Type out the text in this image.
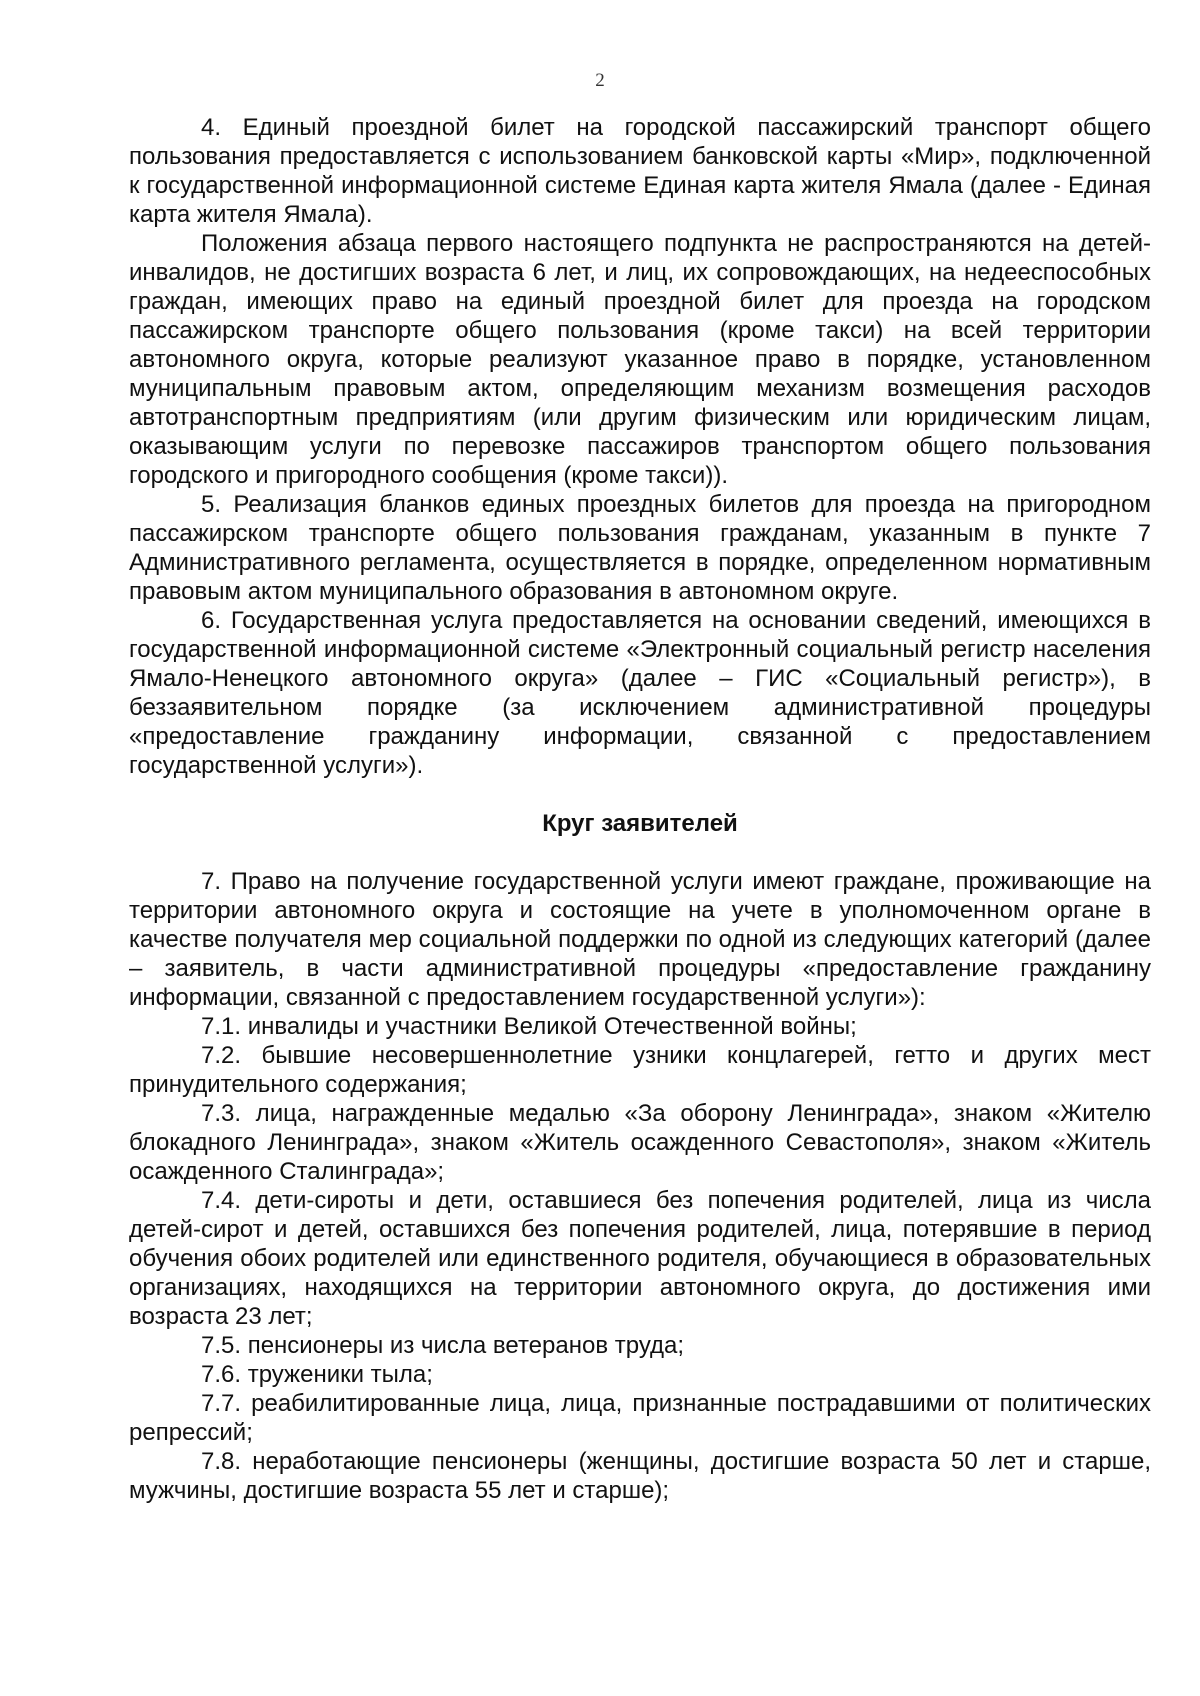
2

4. Единый проездной билет на городской пассажирский транспорт общего пользования предоставляется с использованием банковской карты «Мир», подключенной к государственной информационной системе Единая карта жителя Ямала (далее - Единая карта жителя Ямала).

Положения абзаца первого настоящего подпункта не распространяются на детей-инвалидов, не достигших возраста 6 лет, и лиц, их сопровождающих, на недееспособных граждан, имеющих право на единый проездной билет для проезда на городском пассажирском транспорте общего пользования (кроме такси) на всей территории автономного округа, которые реализуют указанное право в порядке, установленном муниципальным правовым актом, определяющим механизм возмещения расходов автотранспортным предприятиям (или другим физическим или юридическим лицам, оказывающим услуги по перевозке пассажиров транспортом общего пользования городского и пригородного сообщения (кроме такси)).

5. Реализация бланков единых проездных билетов для проезда на пригородном пассажирском транспорте общего пользования гражданам, указанным в пункте 7 Административного регламента, осуществляется в порядке, определенном нормативным правовым актом муниципального образования в автономном округе.

6. Государственная услуга предоставляется на основании сведений, имеющихся в государственной информационной системе «Электронный социальный регистр населения Ямало-Ненецкого автономного округа» (далее – ГИС «Социальный регистр»), в беззаявительном порядке (за исключением административной процедуры «предоставление гражданину информации, связанной с предоставлением государственной услуги»).

Круг заявителей

7. Право на получение государственной услуги имеют граждане, проживающие на территории автономного округа и состоящие на учете в уполномоченном органе в качестве получателя мер социальной поддержки по одной из следующих категорий (далее – заявитель, в части административной процедуры «предоставление гражданину информации, связанной с предоставлением государственной услуги»):

7.1. инвалиды и участники Великой Отечественной войны;

7.2. бывшие несовершеннолетние узники концлагерей, гетто и других мест принудительного содержания;

7.3. лица, награжденные медалью «За оборону Ленинграда», знаком «Жителю блокадного Ленинграда», знаком «Житель осажденного Севастополя», знаком «Житель осажденного Сталинграда»;

7.4. дети-сироты и дети, оставшиеся без попечения родителей, лица из числа детей-сирот и детей, оставшихся без попечения родителей, лица, потерявшие в период обучения обоих родителей или единственного родителя, обучающиеся в образовательных организациях, находящихся на территории автономного округа, до достижения ими возраста 23 лет;

7.5. пенсионеры из числа ветеранов труда;

7.6. труженики тыла;

7.7. реабилитированные лица, лица, признанные пострадавшими от политических репрессий;

7.8. неработающие пенсионеры (женщины, достигшие возраста 50 лет и старше, мужчины, достигшие возраста 55 лет и старше);
